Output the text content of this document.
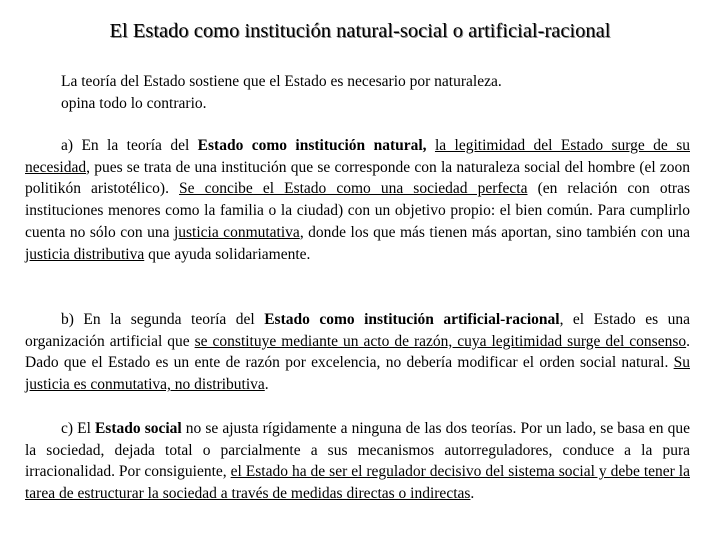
El Estado como institución natural-social o artificial-racional

La teoría del Estado sostiene que el Estado es necesario por naturaleza.
opina todo lo contrario.

a) En la teoría del Estado como institución natural, la legitimidad del Estado surge de su necesidad, pues se trata de una institución que se corresponde con la naturaleza social del hombre (el zoon politikón aristotélico). Se concibe el Estado como una sociedad perfecta (en relación con otras instituciones menores como la familia o la ciudad) con un objetivo propio: el bien común. Para cumplirlo cuenta no sólo con una justicia conmutativa, donde los que más tienen más aportan, sino también con una justicia distributiva que ayuda solidariamente.

b) En la segunda teoría del Estado como institución artificial-racional, el Estado es una organización artificial que se constituye mediante un acto de razón, cuya legitimidad surge del consenso. Dado que el Estado es un ente de razón por excelencia, no debería modificar el orden social natural. Su justicia es conmutativa, no distributiva.

c) El Estado social no se ajusta rígidamente a ninguna de las dos teorías. Por un lado, se basa en que la sociedad, dejada total o parcialmente a sus mecanismos autorreguladores, conduce a la pura irracionalidad. Por consiguiente, el Estado ha de ser el regulador decisivo del sistema social y debe tener la tarea de estructurar la sociedad a través de medidas directas o indirectas.
